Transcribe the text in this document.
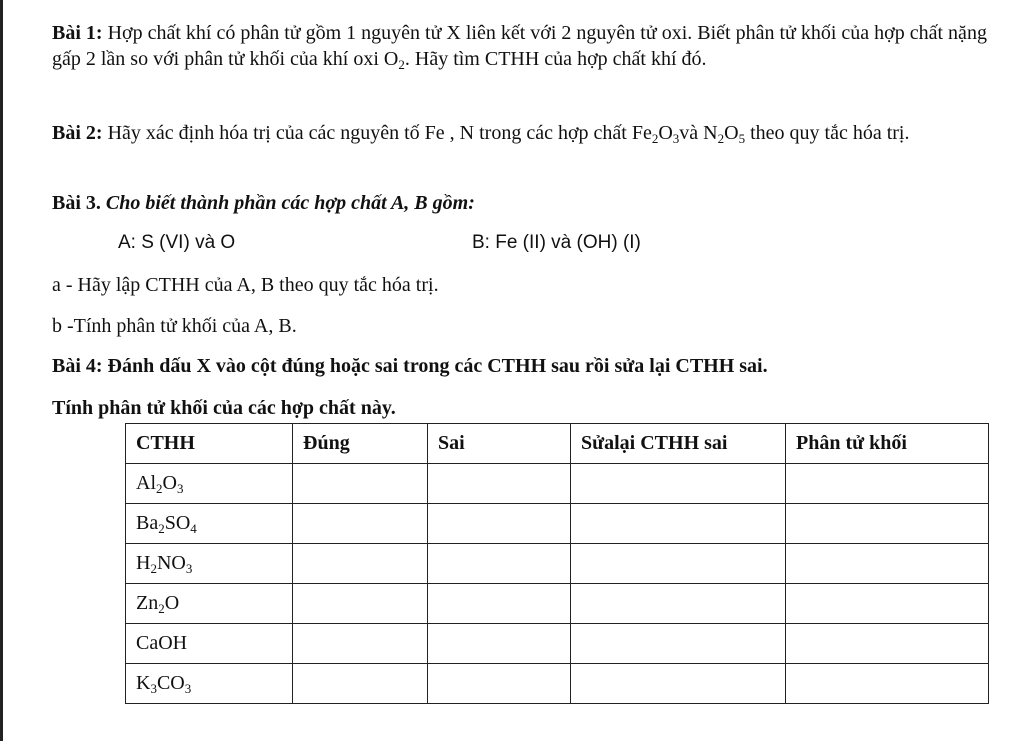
Bài 1: Hợp chất khí có phân tử gồm 1 nguyên tử X liên kết với 2 nguyên tử oxi. Biết phân tử khối của hợp chất nặng gấp 2 lần so với phân tử khối của khí oxi $O_2$. Hãy tìm CTHH của hợp chất khí đó.

Bài 2: Hãy xác định hóa trị của các nguyên tố Fe , N trong các hợp chất $Fe_2O_3và$ $N_2O_5$ theo quy tắc hóa trị.

Bài 3. Cho biết thành phần các hợp chất A, B gồm:

A: S (VI) và O	B: Fe (II) và (OH) (I)

a - Hãy lập CTHH của A, B theo quy tắc hóa trị.

b -Tính phân tử khối của A, B.

Bài 4: Đánh dấu X vào cột đúng hoặc sai trong các CTHH sau rồi sửa lại CTHH sai.

Tính phân tử khối của các hợp chất này.

CTHH	Đúng	Sai	Sửalại CTHH sai	Phân tử khối
$Al_2O_3$				
$Ba_2SO_4$				
$H_2NO_3$				
$Zn_2O$				
CaOH				
$K_3CO_3$				
